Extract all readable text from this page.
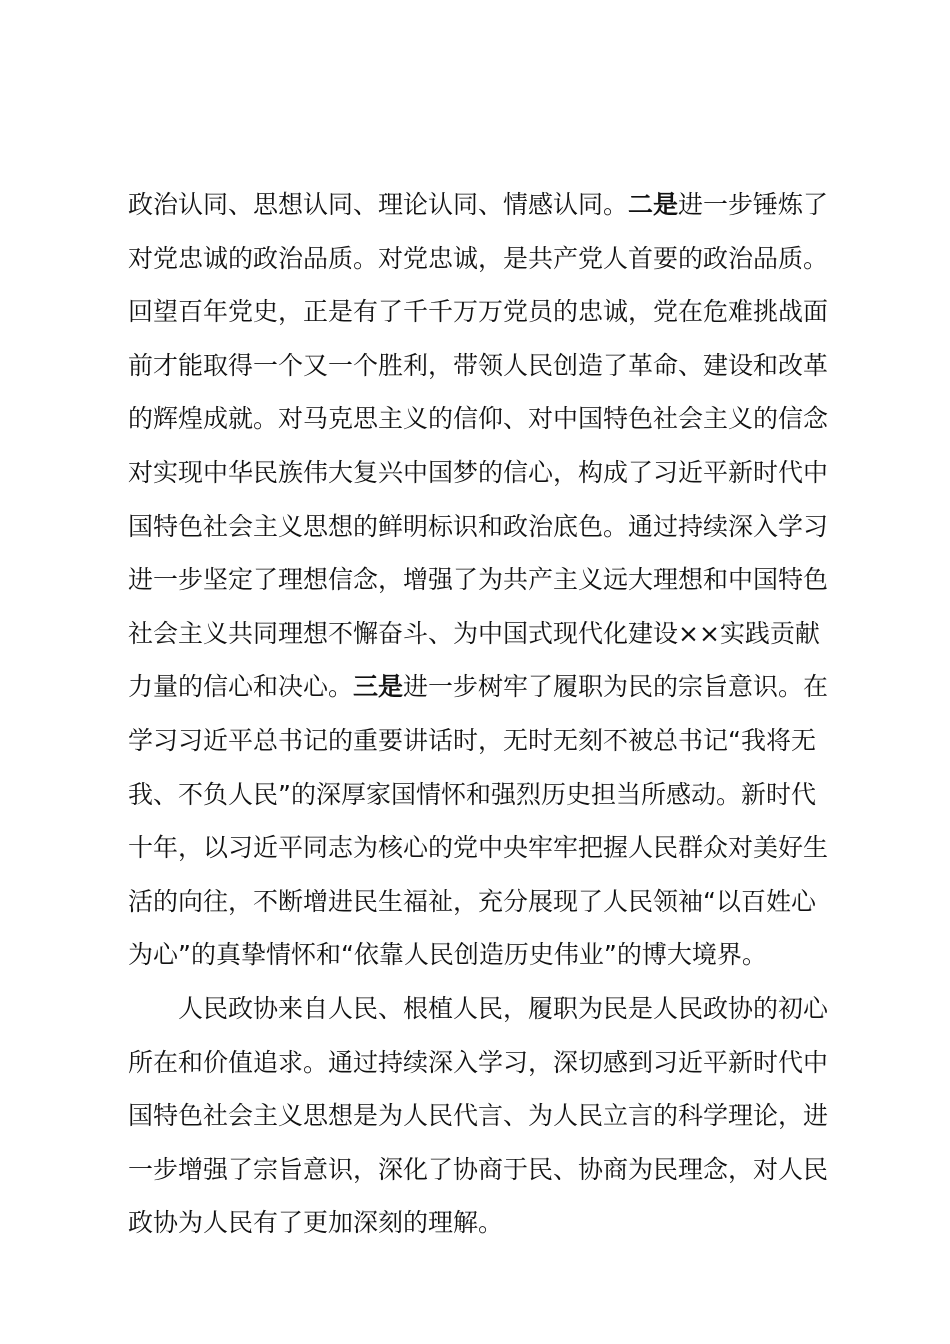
政治认同、思想认同、理论认同、情感认同。二是进一步锤炼了
对党忠诚的政治品质。对党忠诚，是共产党人首要的政治品质。
回望百年党史，正是有了千千万万党员的忠诚，党在危难挑战面
前才能取得一个又一个胜利，带领人民创造了革命、建设和改革
的辉煌成就。对马克思主义的信仰、对中国特色社会主义的信念
对实现中华民族伟大复兴中国梦的信心，构成了习近平新时代中
国特色社会主义思想的鲜明标识和政治底色。通过持续深入学习
进一步坚定了理想信念，增强了为共产主义远大理想和中国特色
社会主义共同理想不懈奋斗、为中国式现代化建设××实践贡献
力量的信心和决心。三是进一步树牢了履职为民的宗旨意识。在
学习习近平总书记的重要讲话时，无时无刻不被总书记“我将无
我、不负人民”的深厚家国情怀和强烈历史担当所感动。新时代
十年，以习近平同志为核心的党中央牢牢把握人民群众对美好生
活的向往，不断增进民生福祉，充分展现了人民领袖“以百姓心
为心”的真挚情怀和“依靠人民创造历史伟业”的博大境界。
人民政协来自人民、根植人民，履职为民是人民政协的初心
所在和价值追求。通过持续深入学习，深切感到习近平新时代中
国特色社会主义思想是为人民代言、为人民立言的科学理论，进
一步增强了宗旨意识，深化了协商于民、协商为民理念，对人民
政协为人民有了更加深刻的理解。
